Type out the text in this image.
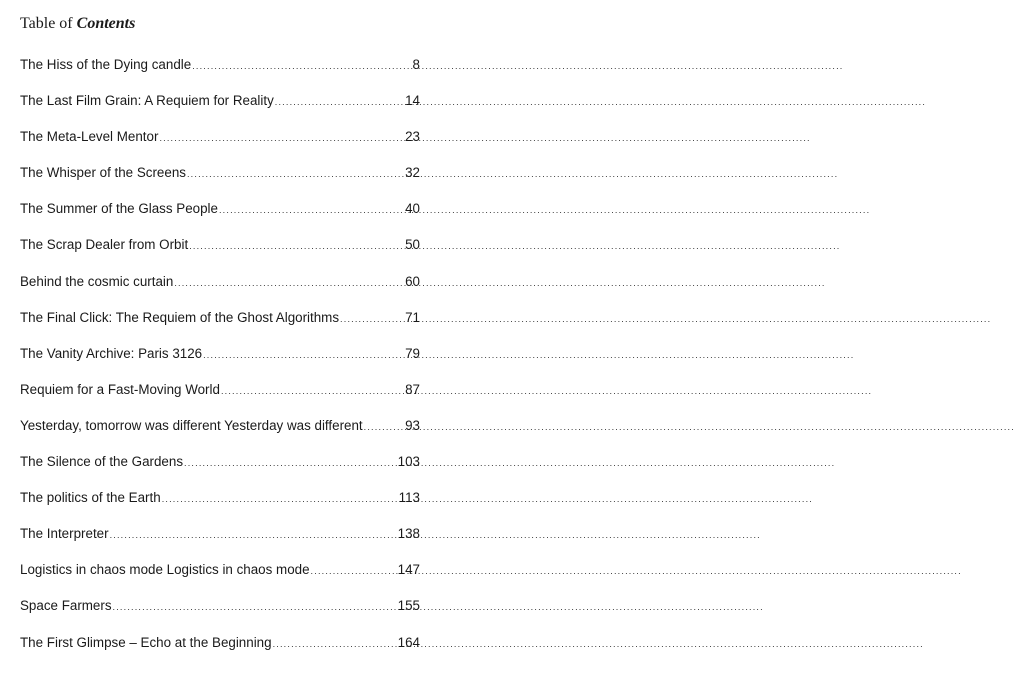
Table of Contents
The Hiss of the Dying candle .....	8
The Last Film Grain: A Requiem for Reality .....	14
The Meta-Level Mentor .....	23
The Whisper of the Screens .....	32
The Summer of the Glass People .....	40
The Scrap Dealer from Orbit .....	50
Behind the cosmic curtain .....	60
The Final Click: The Requiem of the Ghost Algorithms .....	71
The Vanity Archive: Paris 3126 .....	79
Requiem for a Fast-Moving World .....	87
Yesterday, tomorrow was different Yesterday was different .....	93
The Silence of the Gardens .....	103
The politics of the Earth .....	113
The Interpreter .....	138
Logistics in chaos mode Logistics in chaos mode .....	147
Space Farmers .....	155
The First Glimpse – Echo at the Beginning .....	164
